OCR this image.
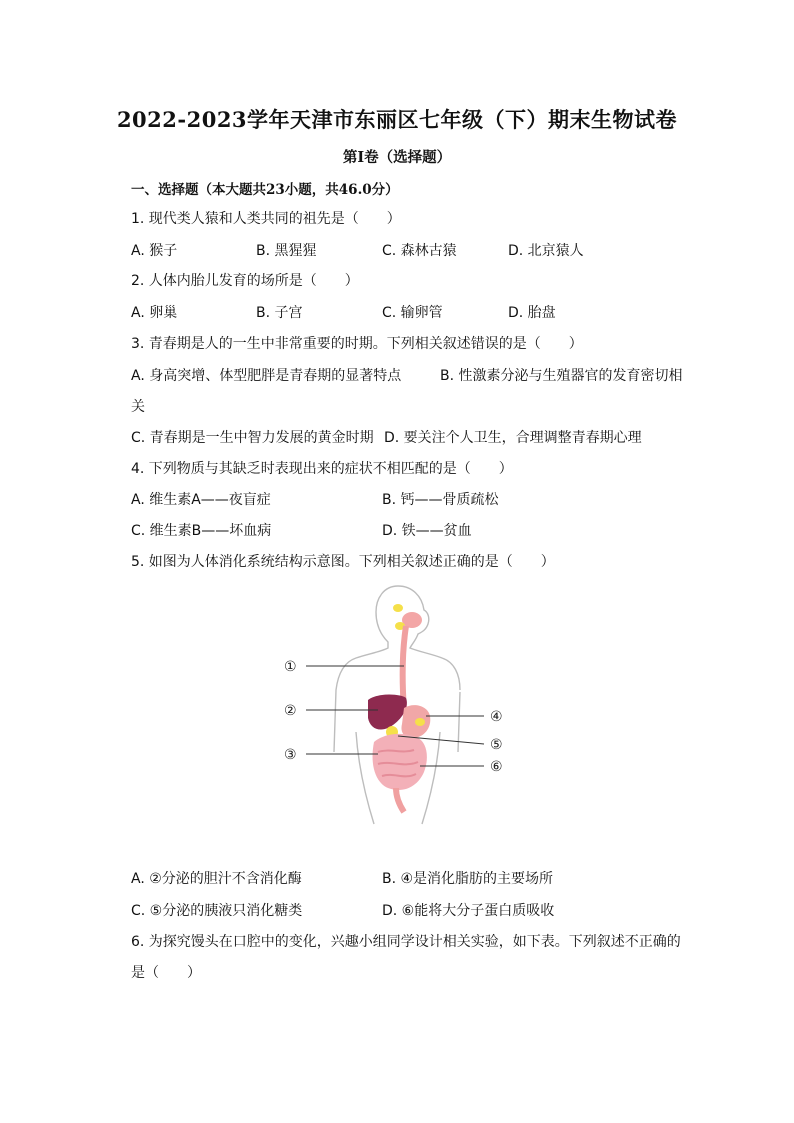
2022-2023学年天津市东丽区七年级（下）期末生物试卷
第Ⅰ卷（选择题）
一、选择题（本大题共23小题，共46.0分）
1. 现代类人猿和人类共同的祖先是（　　）
A. 猴子	B. 黑猩猩	C. 森林古猿	D. 北京猿人
2. 人体内胎儿发育的场所是（　　）
A. 卵巢	B. 子宫	C. 输卵管	D. 胎盘
3. 青春期是人的一生中非常重要的时期。下列相关叙述错误的是（　　）
A. 身高突增、体型肥胖是青春期的显著特点	B. 性激素分泌与生殖器官的发育密切相
关
C. 青春期是一生中智力发展的黄金时期 D. 要关注个人卫生，合理调整青春期心理
4. 下列物质与其缺乏时表现出来的症状不相匹配的是（　　）
A. 维生素A——夜盲症	B. 钙——骨质疏松
C. 维生素B——坏血病	D. 铁——贫血
5. 如图为人体消化系统结构示意图。下列相关叙述正确的是（　　）
①
②
③
④
⑤
⑥
A. ②分泌的胆汁不含消化酶	B. ④是消化脂肪的主要场所
C. ⑤分泌的胰液只消化糖类	D. ⑥能将大分子蛋白质吸收
6. 为探究馒头在口腔中的变化，兴趣小组同学设计相关实验，如下表。下列叙述不正确的
是（　　）
